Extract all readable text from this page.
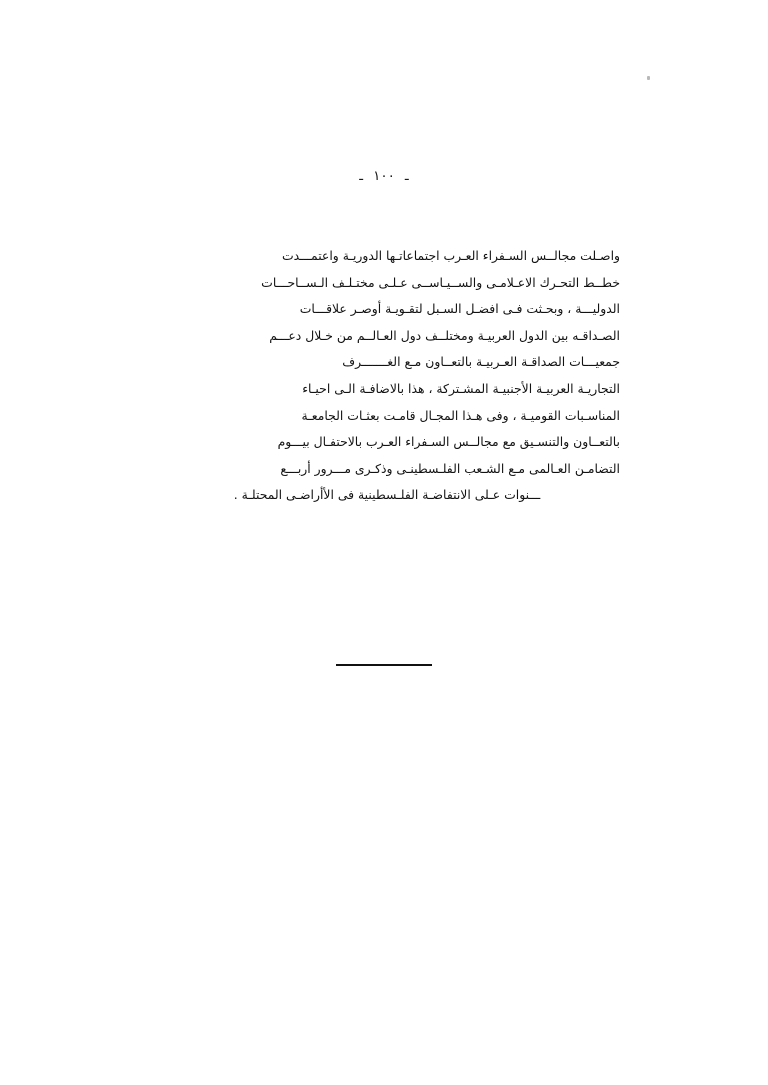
ـ١٠٠ـ
واصـلت مجالــس السـفراء العـرب اجتماعاتـها الدوريـة واعتمـــدت
خطــط التحـرك الاعـلامـى والســيـاســى عـلـى مختـلـف الـســاحـــات
الدوليـــة ، وبحـثت فـى افضـل السـبل لتقـويـة أوصـر علاقـــات
الصـداقـه بين الدول العربيـة ومختلــف دول العـالــم من خـلال دعـــم
جمعيـــات الصداقـة العـربيـة بالتعــاون مـع الغـــــــرف
التجاريـة العربيـة الأجنبيـة المشـتركة ، هذا بالاضافـة الـى احيـاء
المناسـبات القوميـة ، وفى هـذا المجـال قامـت بعثـات الجامعـة
بالتعــاون والتنسـيق مع مجالــس السـفراء العـرب بالاحتفـال بيـــوم
التضامـن العـالمى مـع الشـعب الفلـسطينـى وذكـرى مـــرور أربـــع
ـــنوات عـلى الانتفاضـة الفلـسطينية فى الأأراضـى المحتلـة .
